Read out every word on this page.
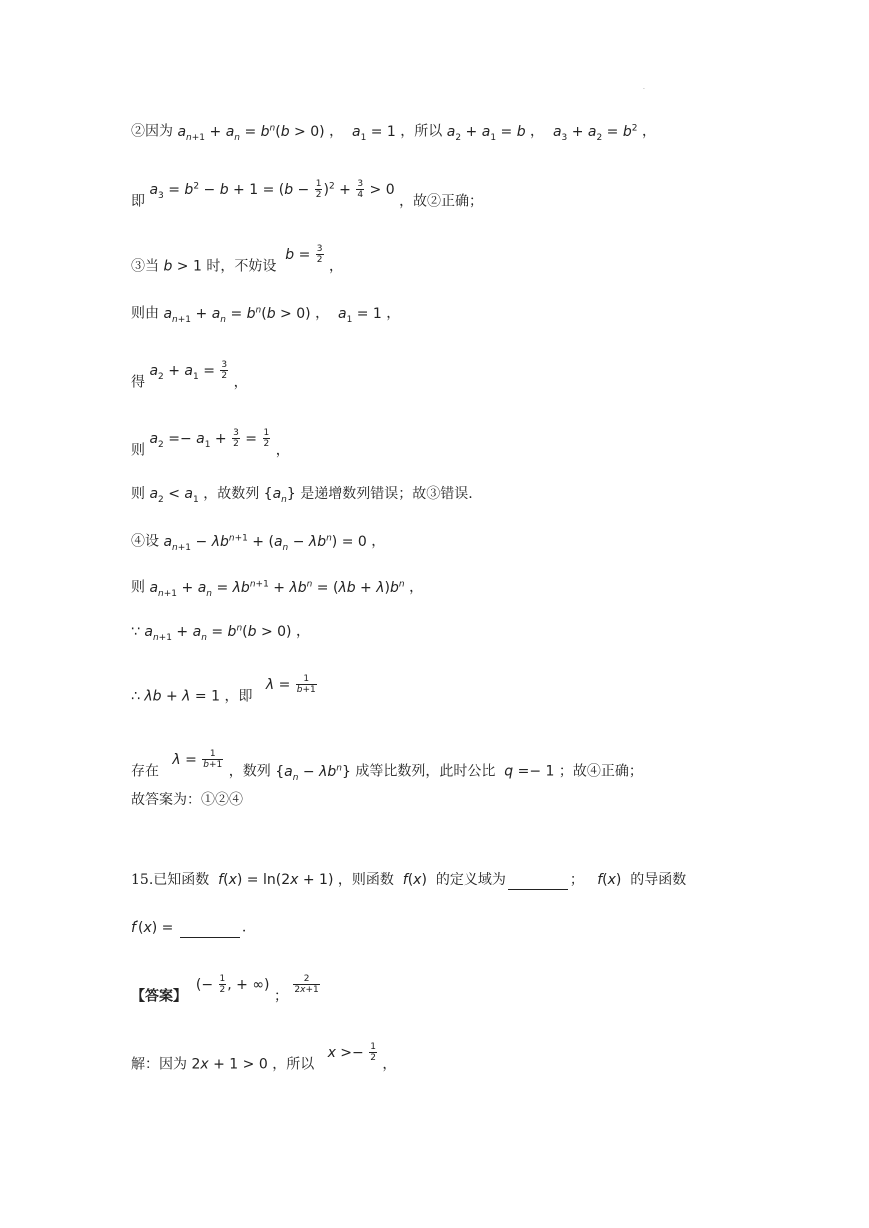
·
②因为 $a_{n+1} + a_n = b^n(b > 0)$ ， $a_1 = 1$ ，所以 $a_2 + a_1 = b$ ， $a_3 + a_2 = b^2$ ，
即 $a_3 = b^2 - b + 1 = (b - \frac{1}{2} )^2 + \frac{3}{4} > 0$ ，故②正确；
③当 b > 1 时，不妨设  $b = \frac{3}{2}$
，
则由 $a_{n+1} + a_n = b^n(b > 0)$ ， $a_1 = 1$ ，
得 $a_2 + a_1 = \frac{3}{2}$
，
则 $a_2 =- a_1 + \frac{3}{2} = \frac{1}{2}$
，
则 $a_2 < a_1$ ，故数列 $\{a_n\}$ 是递增数列错误；故③错误.
④设 $a_{n+1} - \lambda b^{n+1} + (a_n - \lambda b^n) = 0$ ，
则 $a_{n+1} + a_n = \lambda b^{n+1} + \lambda b^n = (\lambda b + \lambda)b^n$ ，
∵ $a_{n+1} + a_n = b^n(b > 0)$ ，
∴ λb + λ = 1 ，即   $\lambda = \frac{1}{b+1}$
存在   $\lambda = \frac{1}{b+1}$
，数列 $\{a_n - \lambda b^n\}$ 成等比数列，此时公比 q =− 1 ；故④正确；
故答案为：①②④
15.已知函数 f(x) = ln(2x + 1) ，则函数 f(x)  的定义域为	； f(x)  的导函数
f′(x) =	.
【答案】  (− $\frac{1}{2}$ , + ∞) ；
$\frac{2}{2x+1}$
解：因为 2x + 1 > 0 ，所以   $x >- \frac{1}{2}$
，
